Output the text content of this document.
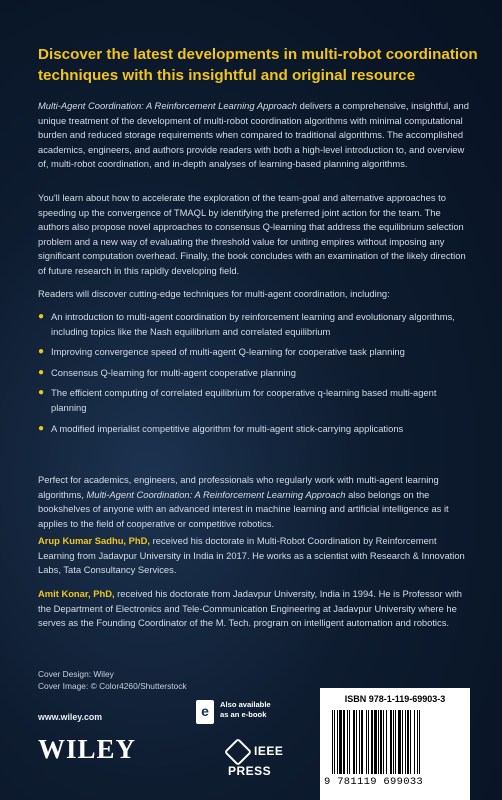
Discover the latest developments in multi-robot coordination techniques with this insightful and original resource

Multi-Agent Coordination: A Reinforcement Learning Approach delivers a comprehensive, insightful, and unique treatment of the development of multi-robot coordination algorithms with minimal computational burden and reduced storage requirements when compared to traditional algorithms. The accomplished academics, engineers, and authors provide readers with both a high-level introduction to, and overview of, multi-robot coordination, and in-depth analyses of learning-based planning algorithms.

You'll learn about how to accelerate the exploration of the team-goal and alternative approaches to speeding up the convergence of TMAQL by identifying the preferred joint action for the team. The authors also propose novel approaches to consensus Q-learning that address the equilibrium selection problem and a new way of evaluating the threshold value for uniting empires without imposing any significant computation overhead. Finally, the book concludes with an examination of the likely direction of future research in this rapidly developing field.

Readers will discover cutting-edge techniques for multi-agent coordination, including:

● An introduction to multi-agent coordination by reinforcement learning and evolutionary algorithms, including topics like the Nash equilibrium and correlated equilibrium
● Improving convergence speed of multi-agent Q-learning for cooperative task planning
● Consensus Q-learning for multi-agent cooperative planning
● The efficient computing of correlated equilibrium for cooperative q-learning based multi-agent planning
● A modified imperialist competitive algorithm for multi-agent stick-carrying applications

Perfect for academics, engineers, and professionals who regularly work with multi-agent learning algorithms, Multi-Agent Coordination: A Reinforcement Learning Approach also belongs on the bookshelves of anyone with an advanced interest in machine learning and artificial intelligence as it applies to the field of cooperative or competitive robotics.

Arup Kumar Sadhu, PhD, received his doctorate in Multi-Robot Coordination by Reinforcement Learning from Jadavpur University in India in 2017. He works as a scientist with Research & Innovation Labs, Tata Consultancy Services.

Amit Konar, PhD, received his doctorate from Jadavpur University, India in 1994. He is Professor with the Department of Electronics and Tele-Communication Engineering at Jadavpur University where he serves as the Founding Coordinator of the M. Tech. program on intelligent automation and robotics.

Cover Design: Wiley
Cover Image: © Color4260/Shutterstock
www.wiley.com
WILEY
e	Also available
as an e-book
IEEE PRESS
ISBN 978-1-119-69903-3
9 781119 699033
